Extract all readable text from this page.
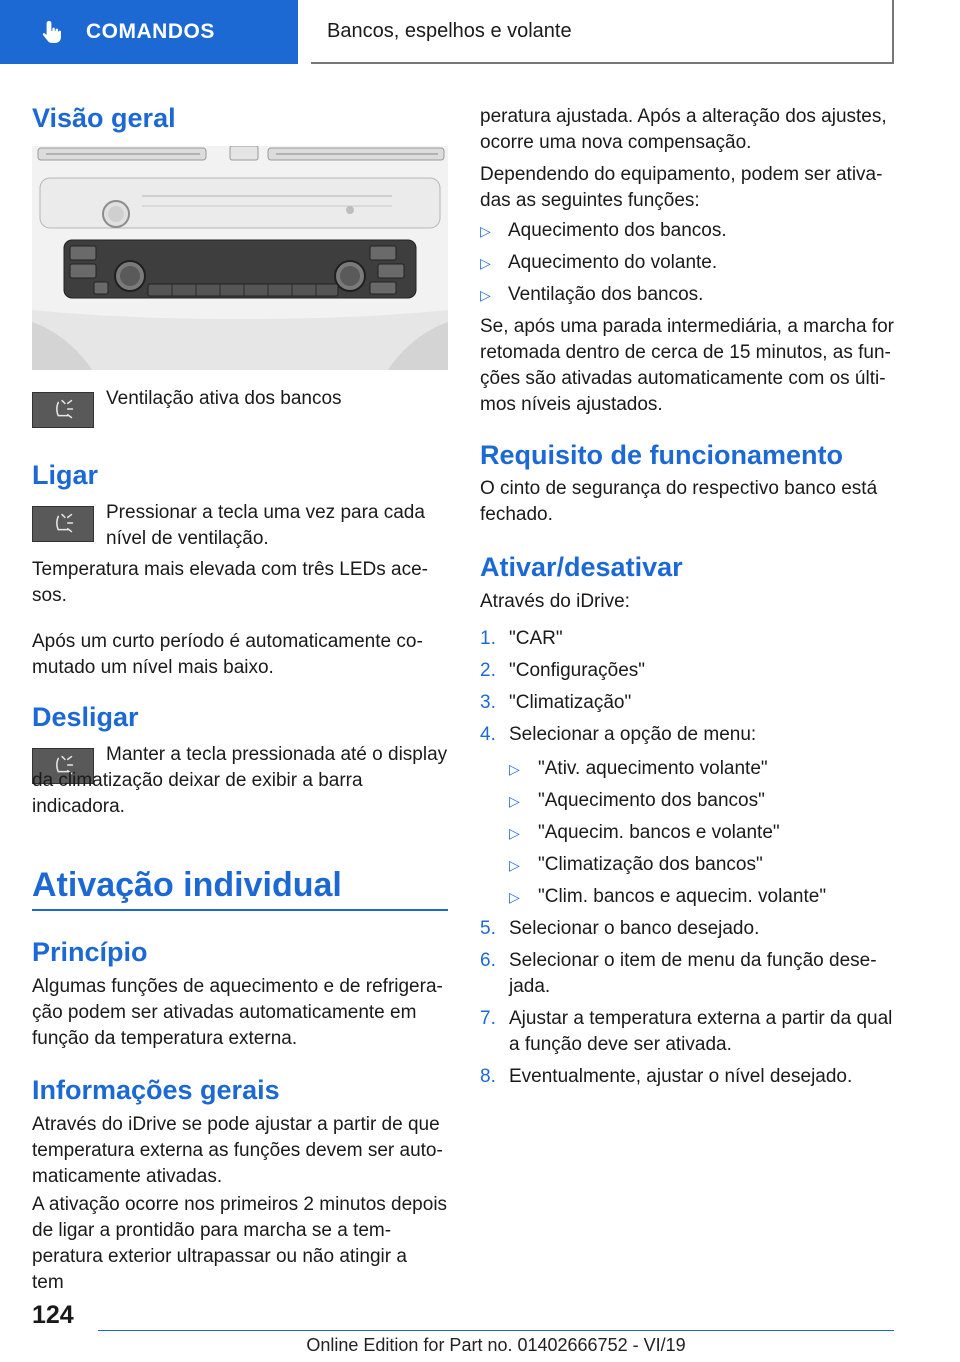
COMANDOS	Bancos, espelhos e volante
Visão geral

Ventilação ativa dos bancos

Ligar

Pressionar a tecla uma vez para cada nível de ventilação.

Temperatura mais elevada com três LEDs acesos.

Após um curto período é automaticamente comutado um nível mais baixo.

Desligar

Manter a tecla pressionada até o display da climatização deixar de exibir a barra indicadora.

Ativação individual
Princípio

Algumas funções de aquecimento e de refrigeração podem ser ativadas automaticamente em função da temperatura externa.

Informações gerais

Através do iDrive se pode ajustar a partir de que temperatura externa as funções devem ser automaticamente ativadas.

A ativação ocorre nos primeiros 2 minutos depois de ligar a prontidão para marcha se a temperatura exterior ultrapassar ou não atingir a tem

peratura ajustada. Após a alteração dos ajustes, ocorre uma nova compensação.

Dependendo do equipamento, podem ser ativadas as seguintes funções:

▷ Aquecimento dos bancos.
▷ Aquecimento do volante.
▷ Ventilação dos bancos.

Se, após uma parada intermediária, a marcha for retomada dentro de cerca de 15 minutos, as funções são ativadas automaticamente com os últimos níveis ajustados.

Requisito de funcionamento

O cinto de segurança do respectivo banco está fechado.

Ativar/desativar

Através do iDrive:

1. "CAR"
2. "Configurações"
3. "Climatização"
4. Selecionar a opção de menu:
▷ "Ativ. aquecimento volante"
▷ "Aquecimento dos bancos"
▷ "Aquecim. bancos e volante"
▷ "Climatização dos bancos"
▷ "Clim. bancos e aquecim. volante"
5. Selecionar o banco desejado.
6. Selecionar o item de menu da função desejada.
7. Ajustar a temperatura externa a partir da qual a função deve ser ativada.
8. Eventualmente, ajustar o nível desejado.
124
Online Edition for Part no. 01402666752 - VI/19
